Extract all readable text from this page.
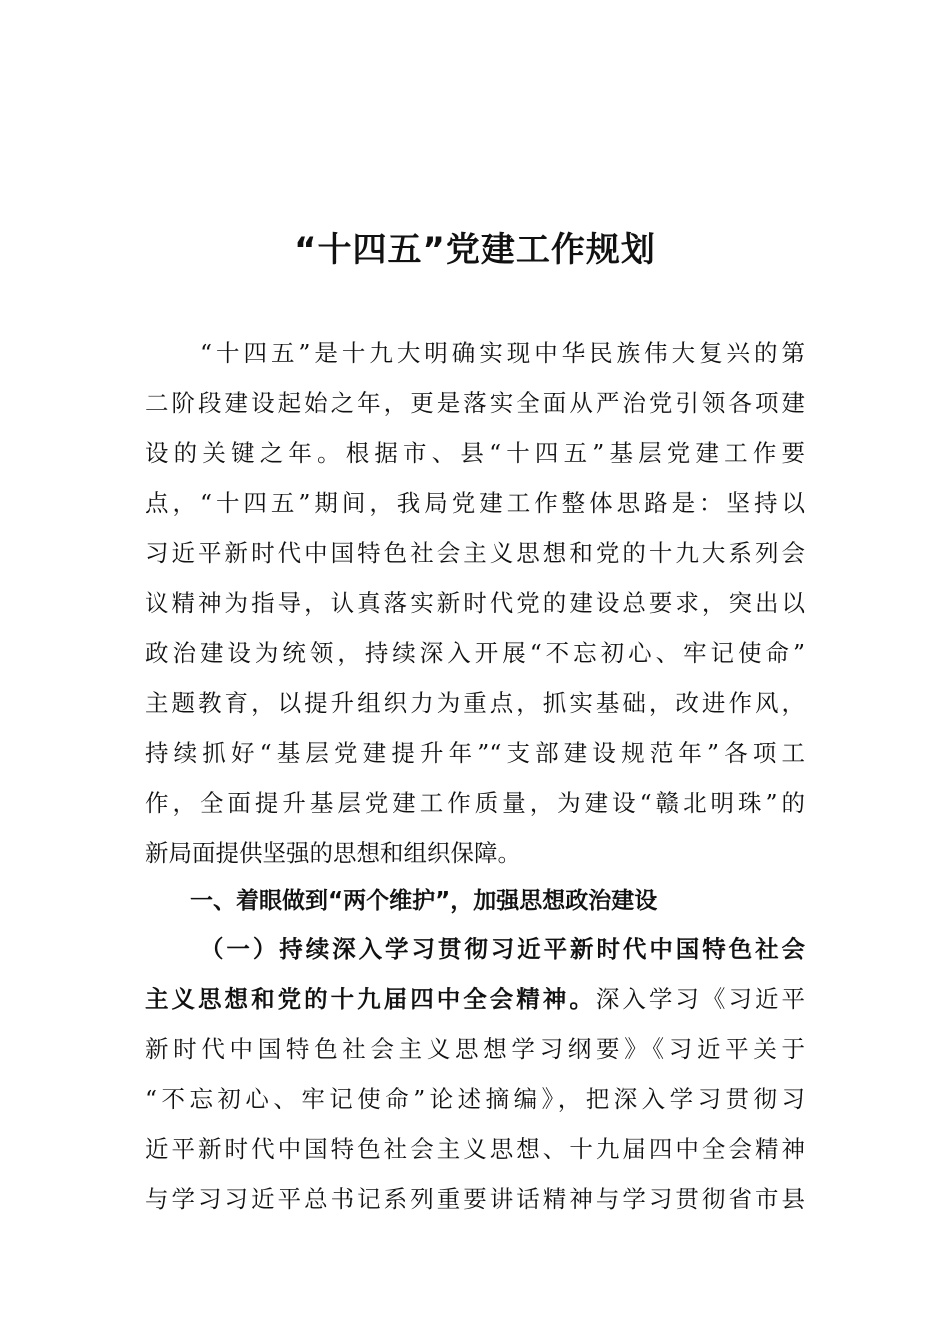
“十四五”党建工作规划

“十四五”是十九大明确实现中华民族伟大复兴的第

二阶段建设起始之年，更是落实全面从严治党引领各项建

设的关键之年。根据市、县“十四五”基层党建工作要

点，“十四五”期间，我局党建工作整体思路是：坚持以

习近平新时代中国特色社会主义思想和党的十九大系列会

议精神为指导，认真落实新时代党的建设总要求，突出以

政治建设为统领，持续深入开展“不忘初心、牢记使命”

主题教育，以提升组织力为重点，抓实基础，改进作风，

持续抓好“基层党建提升年”“支部建设规范年”各项工

作，全面提升基层党建工作质量，为建设“赣北明珠”的

新局面提供坚强的思想和组织保障。

一、着眼做到“两个维护”，加强思想政治建设

（一）持续深入学习贯彻习近平新时代中国特色社会

主义思想和党的十九届四中全会精神。深入学习《习近平

新时代中国特色社会主义思想学习纲要》《习近平关于

“不忘初心、牢记使命”论述摘编》，把深入学习贯彻习

近平新时代中国特色社会主义思想、十九届四中全会精神

与学习习近平总书记系列重要讲话精神与学习贯彻省市县
